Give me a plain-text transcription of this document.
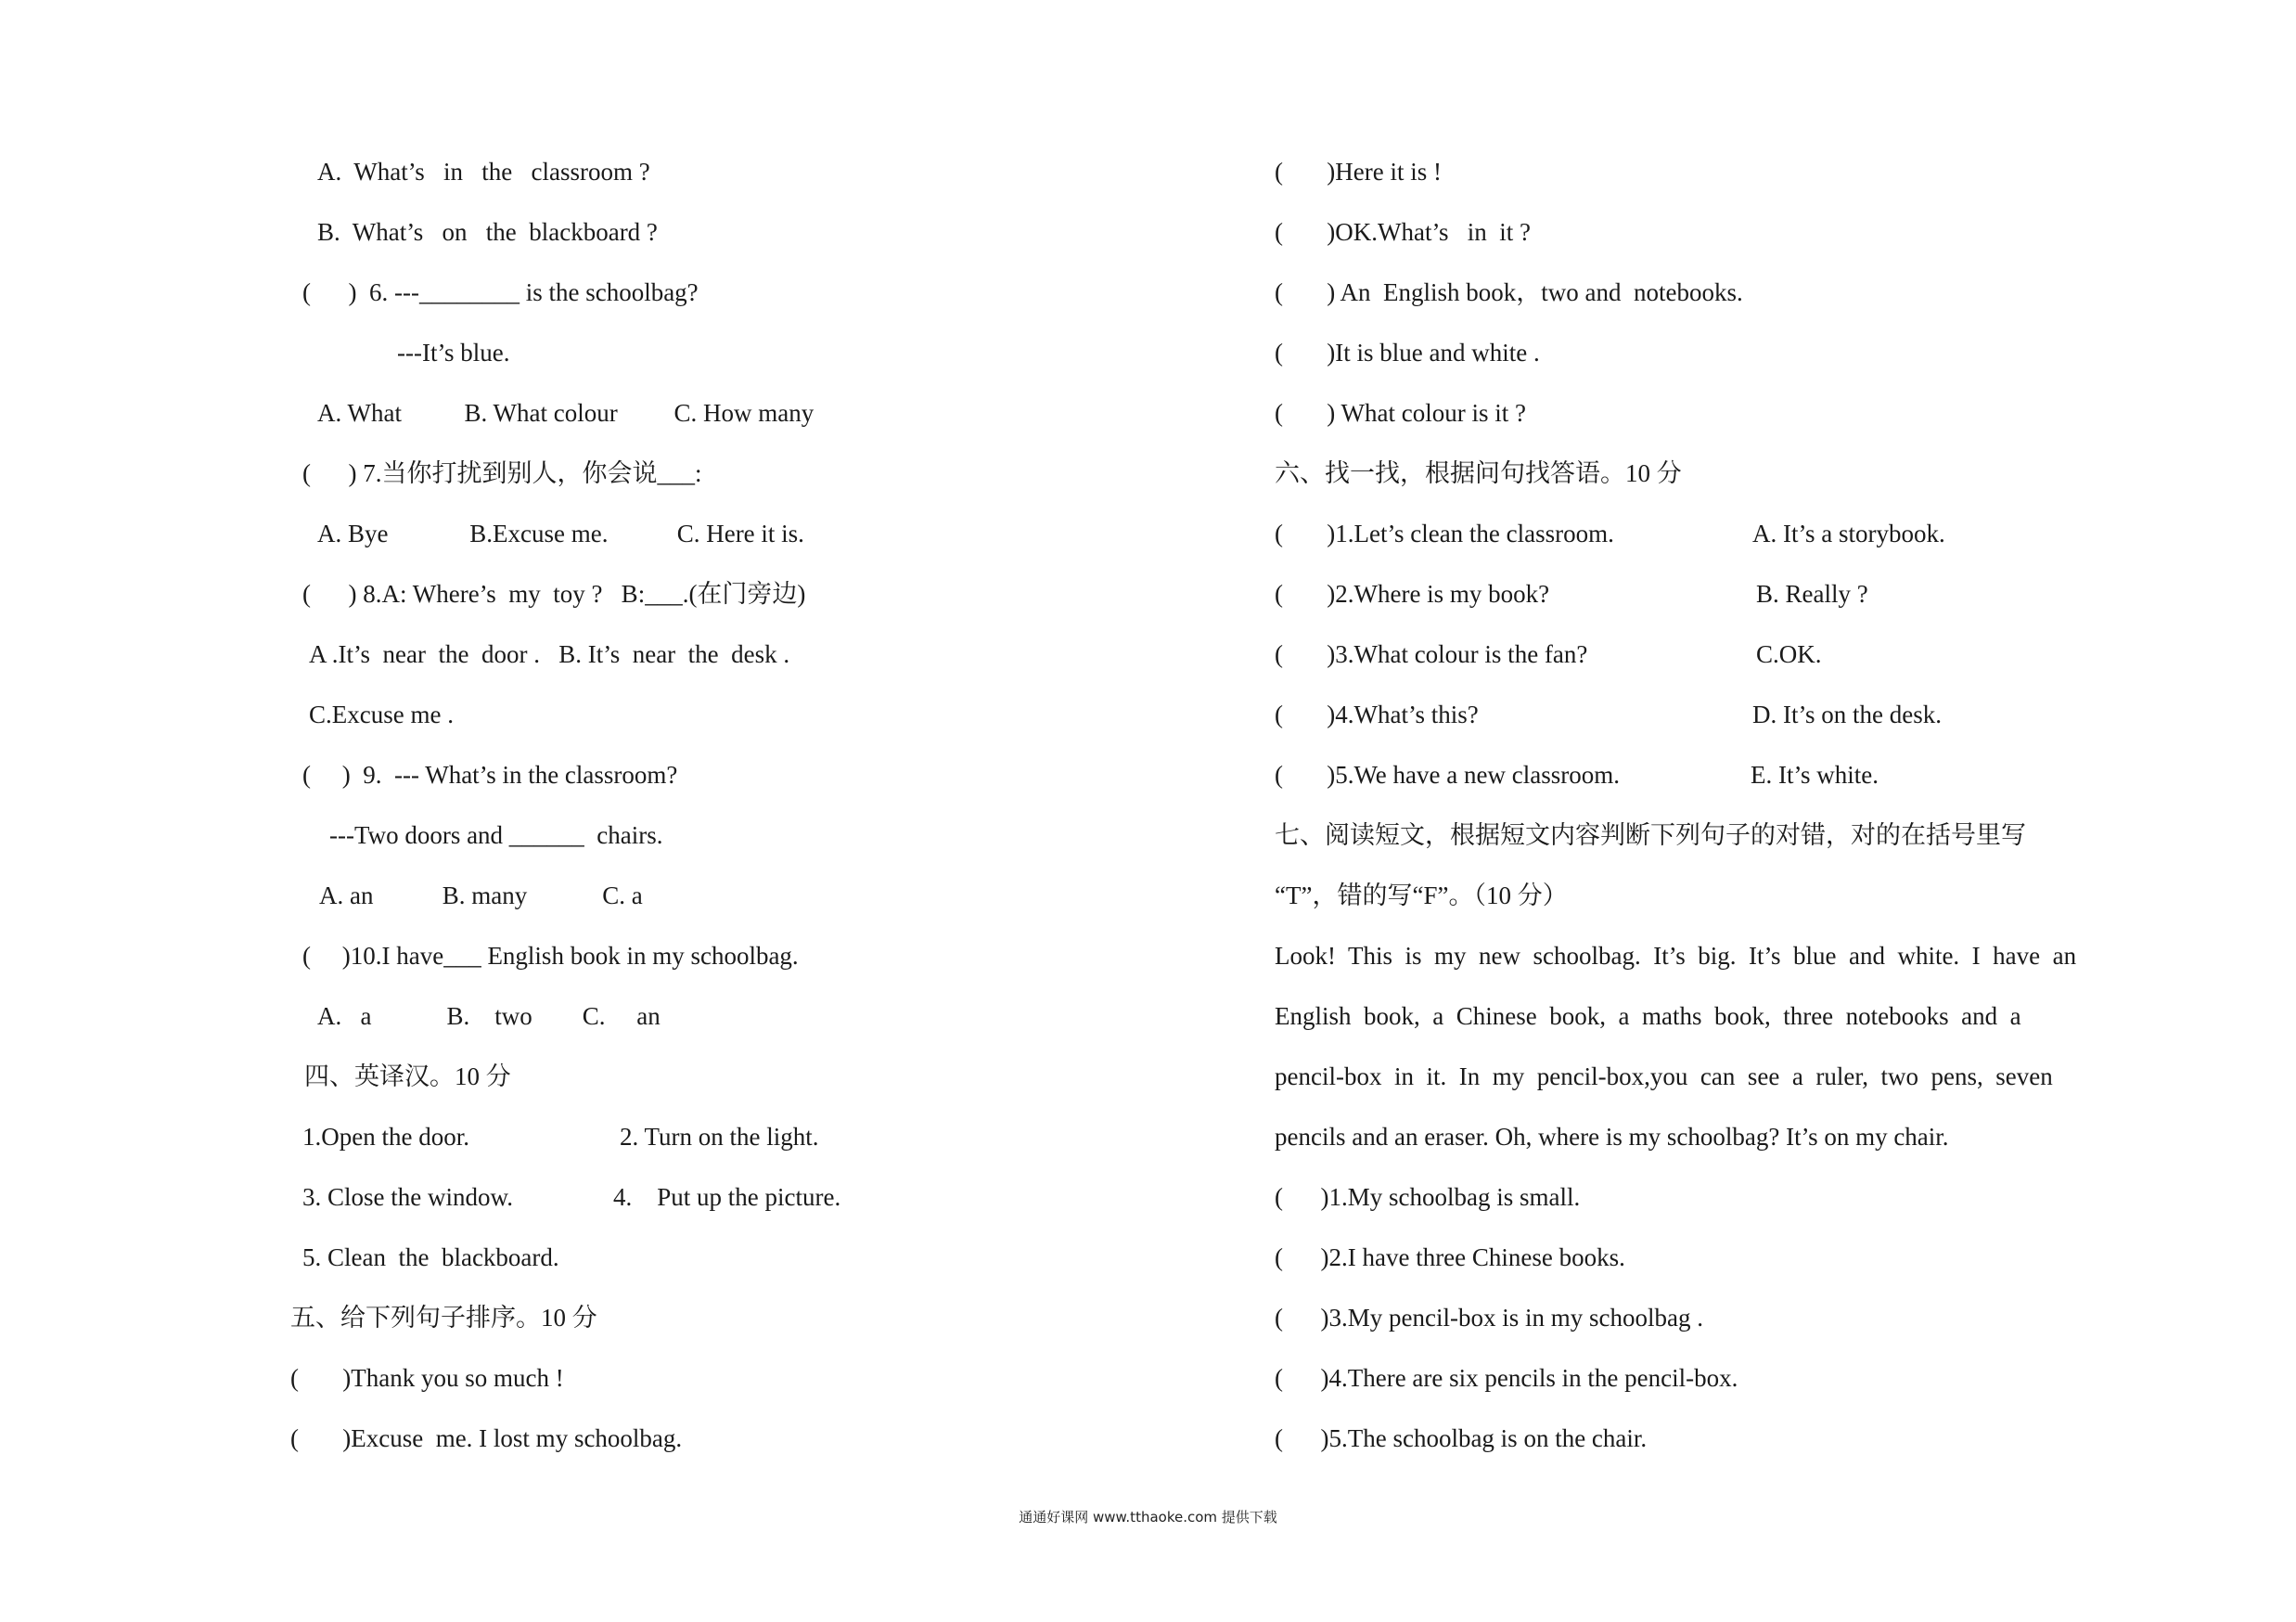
A.  What’s   in   the   classroom ?
B.  What’s   on   the  blackboard ?
(      )  6. ---________ is the schoolbag?
---It’s blue.
A. What          B. What colour         C. How many
(      ) 7.当你打扰到别人，你会说___:
A. Bye             B.Excuse me.           C. Here it is.
(      ) 8.A: Where’s  my  toy ?   B:___.(在门旁边)
A .It’s  near  the  door .   B. It’s  near  the  desk .
C.Excuse me .
(     )  9.  --- What’s in the classroom?
---Two doors and ______  chairs.
A. an           B. many            C. a
(     )10.I have___ English book in my schoolbag.
A.   a            B.    two        C.     an
四、英译汉。10 分
1.Open the door.                        2. Turn on the light.
3. Close the window.                4.    Put up the picture.
5. Clean  the  blackboard.
五、给下列句子排序。10 分
(       )Thank you so much !
(       )Excuse  me. I lost my schoolbag.
(       )Here it is !
(       )OK.What’s   in  it ?
(       ) An  English book，two and  notebooks.
(       )It is blue and white .
(       ) What colour is it ?
六、找一找，根据问句找答语。10 分
(       )1.Let’s clean the classroom.	A. It’s a storybook.
(       )2.Where is my book?	B. Really ?
(       )3.What colour is the fan?	C.OK.
(       )4.What’s this?	D. It’s on the desk.
(       )5.We have a new classroom.	E. It’s white.
七、阅读短文，根据短文内容判断下列句子的对错，对的在括号里写
“T”，错的写“F”。（10 分）
Look!  This  is  my  new  schoolbag.  It’s  big.  It’s  blue  and  white.  I  have  an
English  book,  a  Chinese  book,  a  maths  book,  three  notebooks  and  a
pencil-box  in  it.  In  my  pencil-box,you  can  see  a  ruler,  two  pens,  seven
pencils and an eraser. Oh, where is my schoolbag? It’s on my chair.
(      )1.My schoolbag is small.
(      )2.I have three Chinese books.
(      )3.My pencil-box is in my schoolbag .
(      )4.There are six pencils in the pencil-box.
(      )5.The schoolbag is on the chair.
通通好课网 www.tthaoke.com 提供下载
